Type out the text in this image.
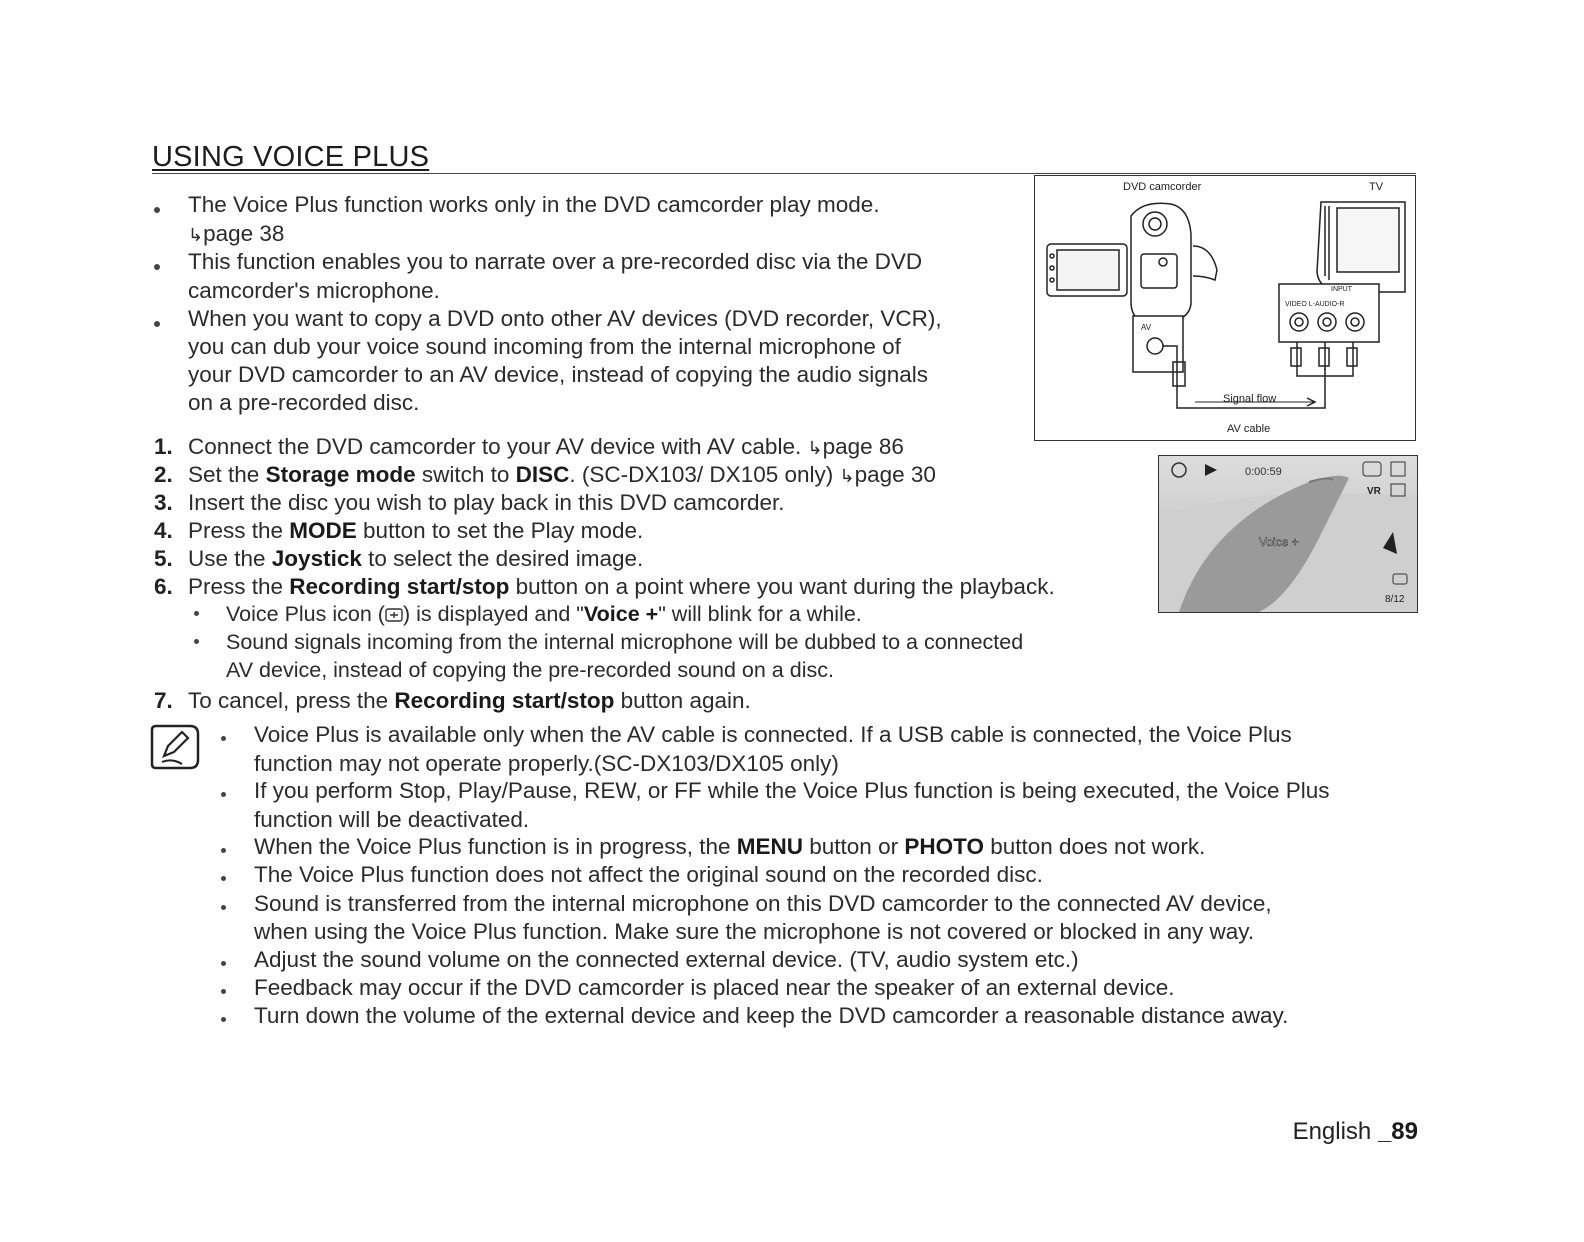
USING VOICE PLUS
The Voice Plus function works only in the DVD camcorder play mode.
↳page 38
This function enables you to narrate over a pre-recorded disc via the DVD
camcorder's microphone.
When you want to copy a DVD onto other AV devices (DVD recorder, VCR),
you can dub your voice sound incoming from the internal microphone of
your DVD camcorder to an AV device, instead of copying the audio signals
on a pre-recorded disc.
1. Connect the DVD camcorder to your AV device with AV cable. ↳page 86
2. Set the Storage mode switch to DISC. (SC-DX103/ DX105 only) ↳page 30
3. Insert the disc you wish to play back in this DVD camcorder.
4. Press the MODE button to set the Play mode.
5. Use the Joystick to select the desired image.
6. Press the Recording start/stop button on a point where you want during the playback.
Voice Plus icon ( ) is displayed and "Voice +" will blink for a while.
Sound signals incoming from the internal microphone will be dubbed to a connected
AV device, instead of copying the pre-recorded sound on a disc.
7. To cancel, press the Recording start/stop button again.
Voice Plus is available only when the AV cable is connected. If a USB cable is connected, the Voice Plus
function may not operate properly.(SC-DX103/DX105 only)
If you perform Stop, Play/Pause, REW, or FF while the Voice Plus function is being executed, the Voice Plus
function will be deactivated.
When the Voice Plus function is in progress, the MENU button or PHOTO button does not work.
The Voice Plus function does not affect the original sound on the recorded disc.
Sound is transferred from the internal microphone on this DVD camcorder to the connected AV device,
when using the Voice Plus function. Make sure the microphone is not covered or blocked in any way.
Adjust the sound volume on the connected external device. (TV, audio system etc.)
Feedback may occur if the DVD camcorder is placed near the speaker of an external device.
Turn down the volume of the external device and keep the DVD camcorder a reasonable distance away.
DVD camcorder	TV
INPUT
VIDEO L-AUDIO-R
AV
Signal flow
AV cable
0:00:59
VR
Voice +
8/12
English _89
